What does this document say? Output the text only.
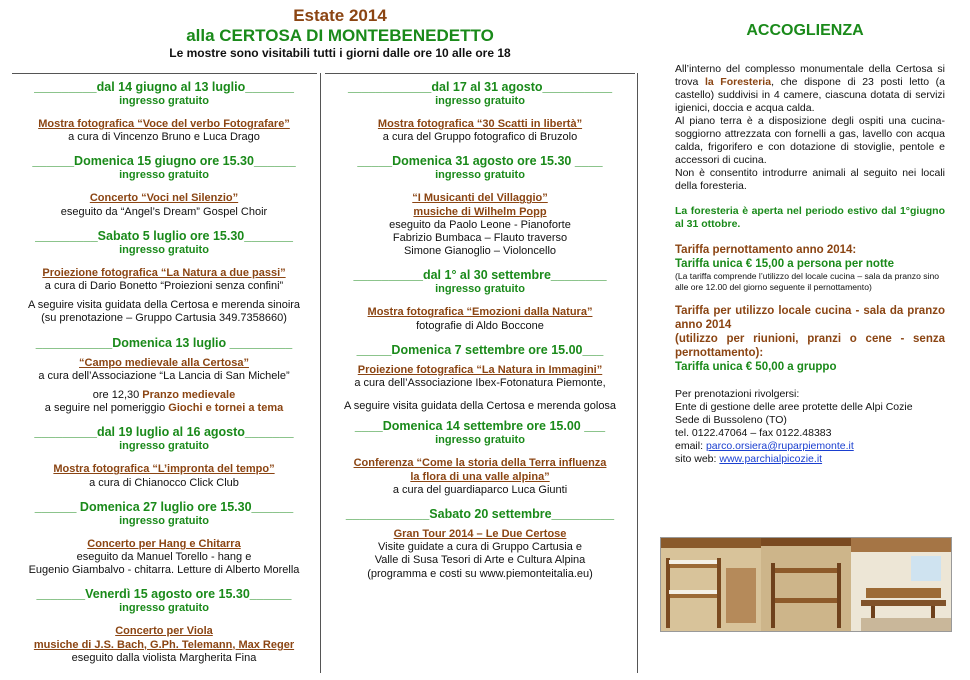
Estate 2014
alla CERTOSA DI MONTEBENEDETTO
Le mostre sono visitabili tutti i giorni dalle ore 10 alle ore 18
_________dal 14 giugno al 13 luglio_______
ingresso gratuito
Mostra fotografica “Voce del verbo Fotografare”
a cura di Vincenzo Bruno e Luca Drago
______Domenica 15 giugno ore 15.30______
ingresso gratuito
Concerto “Voci nel Silenzio”
eseguito da “Angel’s Dream” Gospel Choir
_________Sabato 5 luglio ore 15.30_______
ingresso gratuito
Proiezione fotografica “La Natura a due passi”
a cura di Dario Bonetto “Proiezioni senza confini”
A seguire visita guidata della Certosa e merenda sinoira
(su prenotazione – Gruppo Cartusia 349.7358660)
___________Domenica 13 luglio _________
“Campo medievale alla Certosa”
a cura dell’Associazione “La Lancia di San Michele”
ore 12,30 Pranzo medievale
a seguire nel pomeriggio Giochi e tornei a tema
_________dal 19 luglio al 16 agosto_______
ingresso gratuito
Mostra fotografica “L’impronta del tempo”
a cura di Chianocco Click Club
______ Domenica 27 luglio ore 15.30______
ingresso gratuito
Concerto per Hang e Chitarra
eseguito da Manuel Torello - hang e
Eugenio Giambalvo - chitarra. Letture di Alberto Morella
_______Venerdì 15 agosto ore 15.30______
ingresso gratuito
Concerto per Viola
musiche di J.S. Bach, G.Ph. Telemann, Max Reger
eseguito dalla violista Margherita Fina
____________dal 17 al 31 agosto__________
ingresso gratuito
Mostra fotografica “30 Scatti in libertà”
a cura del Gruppo fotografico di Bruzolo
_____Domenica 31 agosto ore 15.30 ____
ingresso gratuito
“I Musicanti del Villaggio”
musiche di Wilhelm Popp
eseguito da Paolo Leone - Pianoforte
Fabrizio Bumbaca – Flauto traverso
Simone Gianoglio – Violoncello
__________dal 1° al 30 settembre________
ingresso gratuito
Mostra fotografica “Emozioni dalla Natura”
fotografie di Aldo Boccone
_____Domenica 7 settembre ore 15.00___
Proiezione fotografica “La Natura in Immagini”
a cura dell’Associazione Ibex-Fotonatura Piemonte,
A seguire visita guidata della Certosa e merenda golosa
____Domenica 14 settembre ore 15.00 ___
ingresso gratuito
Conferenza “Come la storia della Terra influenza
la flora di una valle alpina”
a cura del guardiaparco Luca Giunti
____________Sabato 20 settembre_________
Gran Tour 2014 – Le Due Certose
Visite guidate a cura di Gruppo Cartusia e
Valle di Susa Tesori di Arte e Cultura Alpina
(programma e costi su www.piemonteitalia.eu)
ACCOGLIENZA

All’interno del complesso monumentale della Certosa si trova la Foresteria, che dispone di 23 posti letto (a castello) suddivisi in 4 camere, ciascuna dotata di servizi igienici, doccia e acqua calda.

Al piano terra è a disposizione degli ospiti una cucina-soggiorno attrezzata con fornelli a gas, lavello con acqua calda, frigorifero e con dotazione di stoviglie, pentole e accessori di cucina.

Non è consentito introdurre animali al seguito nei locali della foresteria.

La foresteria è aperta nel periodo estivo dal 1°giugno al 31 ottobre.

Tariffa pernottamento anno 2014:

Tariffa unica € 15,00 a persona per notte

(La tariffa comprende l’utilizzo del locale cucina – sala da pranzo sino alle ore 12.00 del giorno seguente il pernottamento)

Tariffa per utilizzo locale cucina - sala da pranzo anno 2014

(utilizzo per riunioni, pranzi o cene - senza pernottamento):

Tariffa unica € 50,00 a gruppo

Per prenotazioni rivolgersi:

Ente di gestione delle aree protette delle Alpi Cozie

Sede di Bussoleno (TO)

tel. 0122.47064 – fax 0122.48383

email: parco.orsiera@ruparpiemonte.it

sito web: www.parchialpicozie.it
